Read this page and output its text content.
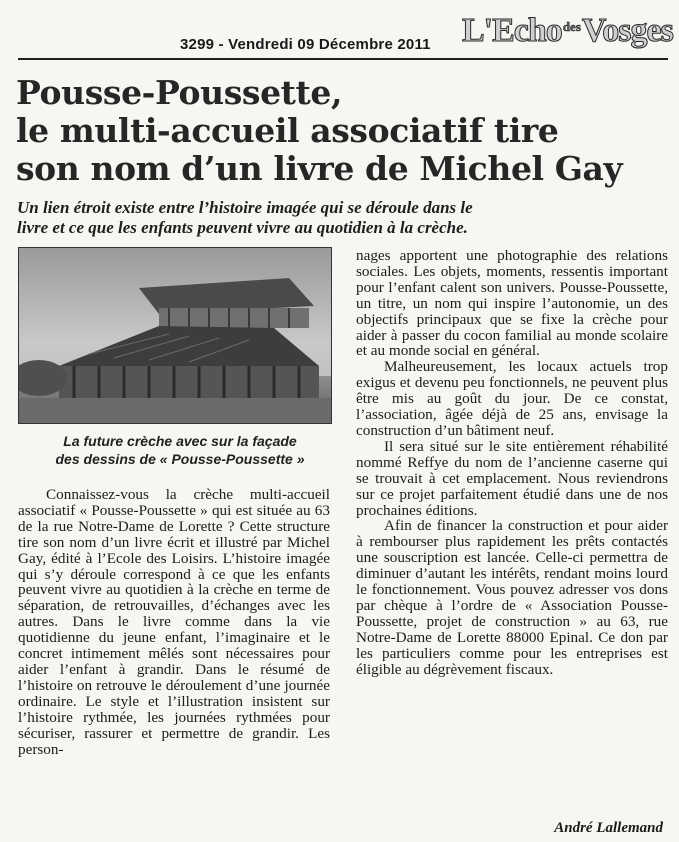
3299 - Vendredi 09 Décembre 2011 L'Echo$^{des}$Vosges
Pousse-Poussette,
le multi-accueil associatif tire
son nom d’un livre de Michel Gay
Un lien étroit existe entre l’histoire imagée qui se déroule dans le
livre et ce que les enfants peuvent vivre au quotidien à la crèche.
La future crèche avec sur la façade
des dessins de « Pousse-Poussette »

Connaissez-vous la crèche multi-accueil associatif « Pousse-Poussette » qui est située au 63 de la rue Notre-Dame de Lorette ? Cette structure tire son nom d’un livre écrit et illustré par Michel Gay, édité à l’Ecole des Loisirs. L’histoire imagée qui s’y déroule correspond à ce que les enfants peuvent vivre au quotidien à la crèche en terme de séparation, de retrouvailles, d’échanges avec les autres. Dans le livre comme dans la vie quotidienne du jeune enfant, l’imaginaire et le concret intimement mêlés sont nécessaires pour aider l’enfant à grandir. Dans le résumé de l’histoire on retrouve le déroulement d’une journée ordinaire. Le style et l’illustration insistent sur l’histoire rythmée, les journées rythmées pour sécuriser, rassurer et permettre de grandir. Les person-

nages apportent une photographie des relations sociales. Les objets, moments, ressentis important pour l’enfant calent son univers. Pousse-Poussette, un titre, un nom qui inspire l’autonomie, un des objectifs principaux que se fixe la crèche pour aider à passer du cocon familial au monde scolaire et au monde social en général.

Malheureusement, les locaux actuels trop exigus et devenu peu fonctionnels, ne peuvent plus être mis au goût du jour. De ce constat, l’association, âgée déjà de 25 ans, envisage la construction d’un bâtiment neuf.

Il sera situé sur le site entièrement réhabilité nommé Reffye du nom de l’ancienne caserne qui se trouvait à cet emplacement. Nous reviendrons sur ce projet parfaitement étudié dans une de nos prochaines éditions.

Afin de financer la construction et pour aider à rembourser plus rapidement les prêts contactés une souscription est lancée. Celle-ci permettra de diminuer d’autant les intérêts, rendant moins lourd le fonctionnement. Vous pouvez adresser vos dons par chèque à l’ordre de « Association Pousse-Poussette, projet de construction » au 63, rue Notre-Dame de Lorette 88000 Epinal. Ce don par les particuliers comme pour les entreprises est éligible au dégrèvement fiscaux.

André Lallemand
